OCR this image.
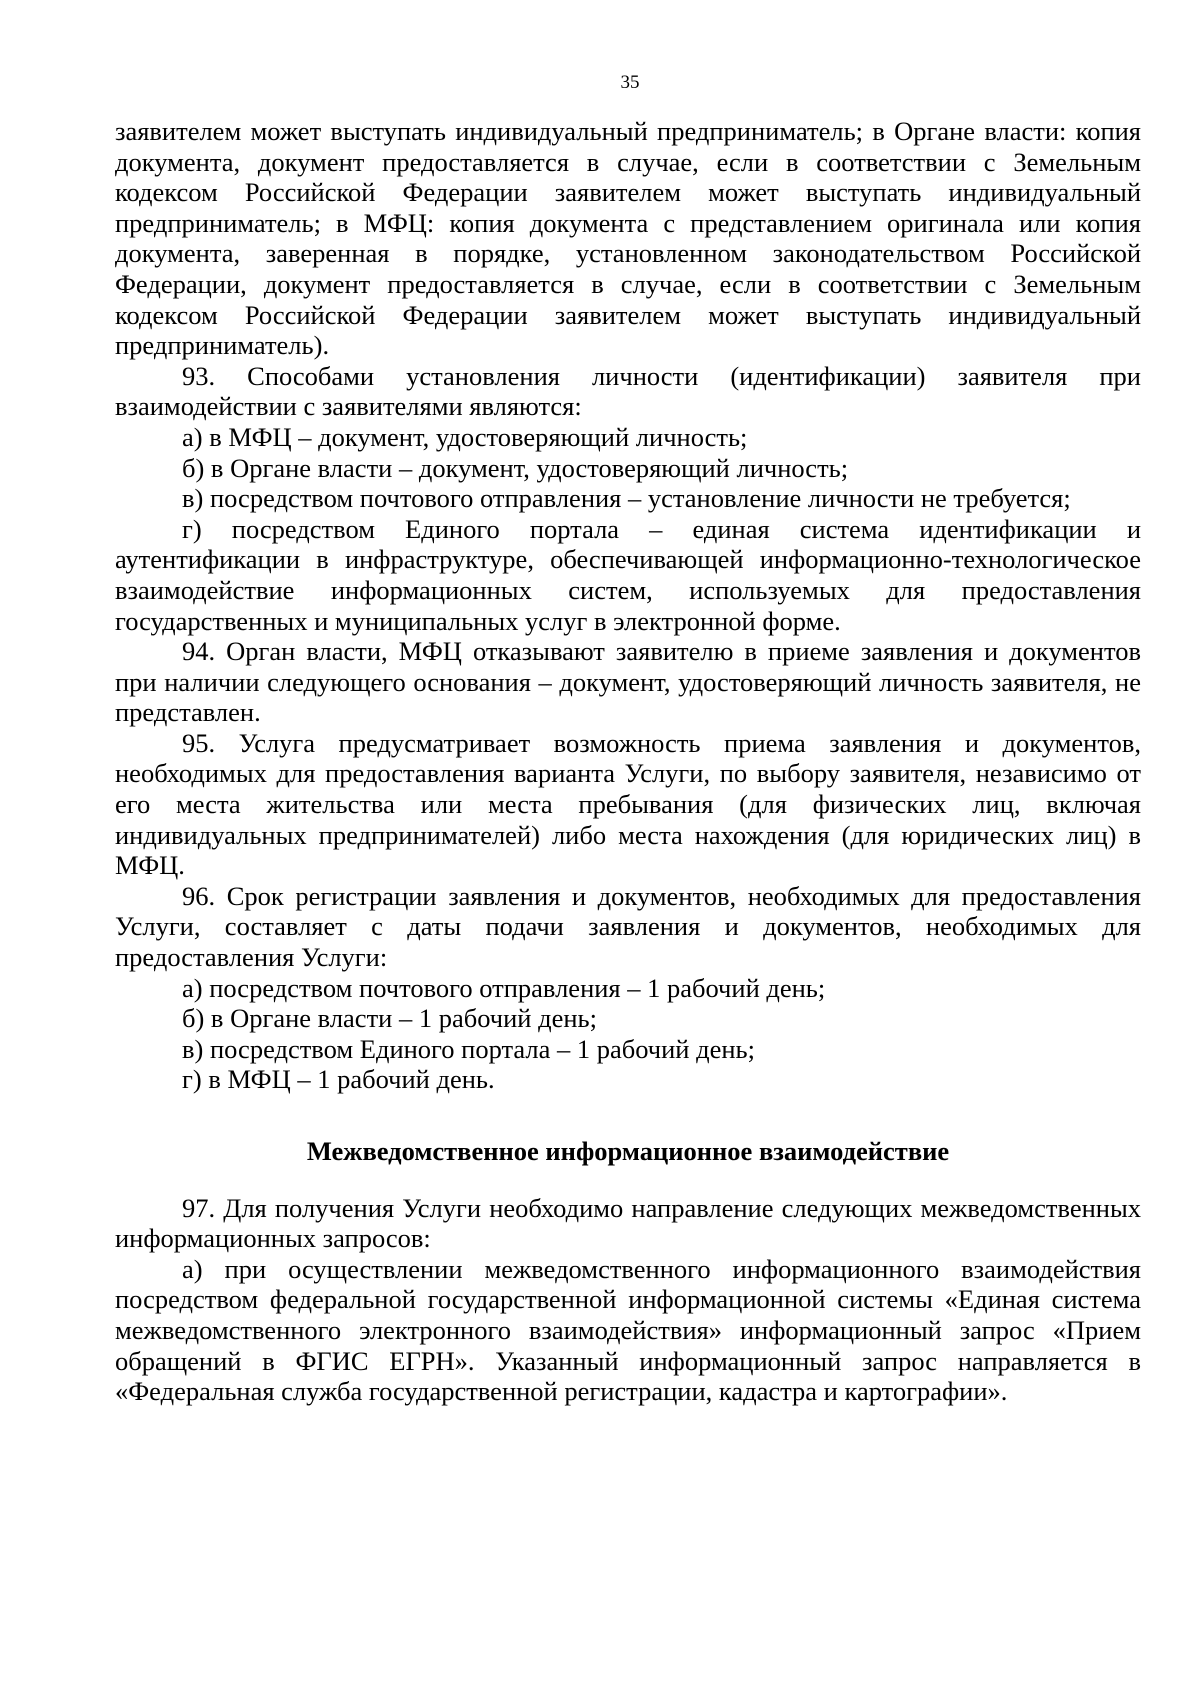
35

заявителем может выступать индивидуальный предприниматель; в Органе власти: копия документа, документ предоставляется в случае, если в соответствии с Земельным кодексом Российской Федерации заявителем может выступать индивидуальный предприниматель; в МФЦ: копия документа с представлением оригинала или копия документа, заверенная в порядке, установленном законодательством Российской Федерации, документ предоставляется в случае, если в соответствии с Земельным кодексом Российской Федерации заявителем может выступать индивидуальный предприниматель).

93. Способами установления личности (идентификации) заявителя при взаимодействии с заявителями являются:

а) в МФЦ – документ, удостоверяющий личность;

б) в Органе власти – документ, удостоверяющий личность;

в) посредством почтового отправления – установление личности не требуется;

г) посредством Единого портала – единая система идентификации и аутентификации в инфраструктуре, обеспечивающей информационно-технологическое взаимодействие информационных систем, используемых для предоставления государственных и муниципальных услуг в электронной форме.

94. Орган власти, МФЦ отказывают заявителю в приеме заявления и документов при наличии следующего основания – документ, удостоверяющий личность заявителя, не представлен.

95. Услуга предусматривает возможность приема заявления и документов, необходимых для предоставления варианта Услуги, по выбору заявителя, независимо от его места жительства или места пребывания (для физических лиц, включая индивидуальных предпринимателей) либо места нахождения (для юридических лиц) в МФЦ.

96. Срок регистрации заявления и документов, необходимых для предоставления Услуги, составляет с даты подачи заявления и документов, необходимых для предоставления Услуги:

а) посредством почтового отправления – 1 рабочий день;

б) в Органе власти – 1 рабочий день;

в) посредством Единого портала – 1 рабочий день;

г) в МФЦ – 1 рабочий день.

Межведомственное информационное взаимодействие

97. Для получения Услуги необходимо направление следующих межведомственных информационных запросов:

а) при осуществлении межведомственного информационного взаимодействия посредством федеральной государственной информационной системы «Единая система межведомственного электронного взаимодействия» информационный запрос «Прием обращений в ФГИС ЕГРН». Указанный информационный запрос направляется в «Федеральная служба государственной регистрации, кадастра и картографии».
